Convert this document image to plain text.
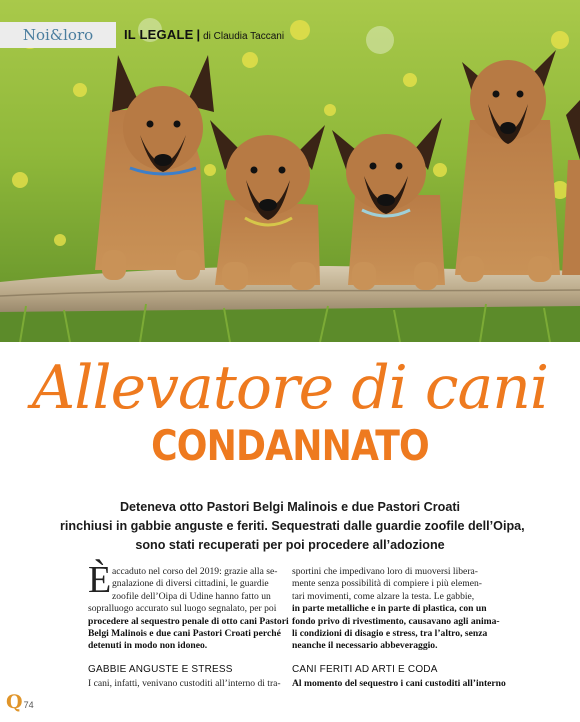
Noi&loro	IL LEGALE | di Claudia Taccani
Allevatore di cani
CONDANNATO
Deteneva otto Pastori Belgi Malinois e due Pastori Croati
rinchiusi in gabbie anguste e feriti. Sequestrati dalle guardie zoofile dell’Oipa,
sono stati recuperati per poi procedere all’adozione
È accaduto nel corso del 2019: grazie alla se-
gnalazione di diversi cittadini, le guardie
zoofile dell’Oipa di Udine hanno fatto un
sopralluogo accurato sul luogo segnalato, per poi
procedere al sequestro penale di otto cani Pastori
Belgi Malinois e due cani Pastori Croati perché
detenuti in modo non idoneo.
GABBIE ANGUSTE E STRESS
I cani, infatti, venivano custoditi all’interno di tra-
sportini che impedivano loro di muoversi libera-
mente senza possibilità di compiere i più elemen-
tari movimenti, come alzare la testa. Le gabbie,
in parte metalliche e in parte di plastica, con un
fondo privo di rivestimento, causavano agli anima-
li condizioni di disagio e stress, tra l’altro, senza
neanche il necessario abbeveraggio.
CANI FERITI AD ARTI E CODA
Al momento del sequestro i cani custoditi all’interno
Q 74
